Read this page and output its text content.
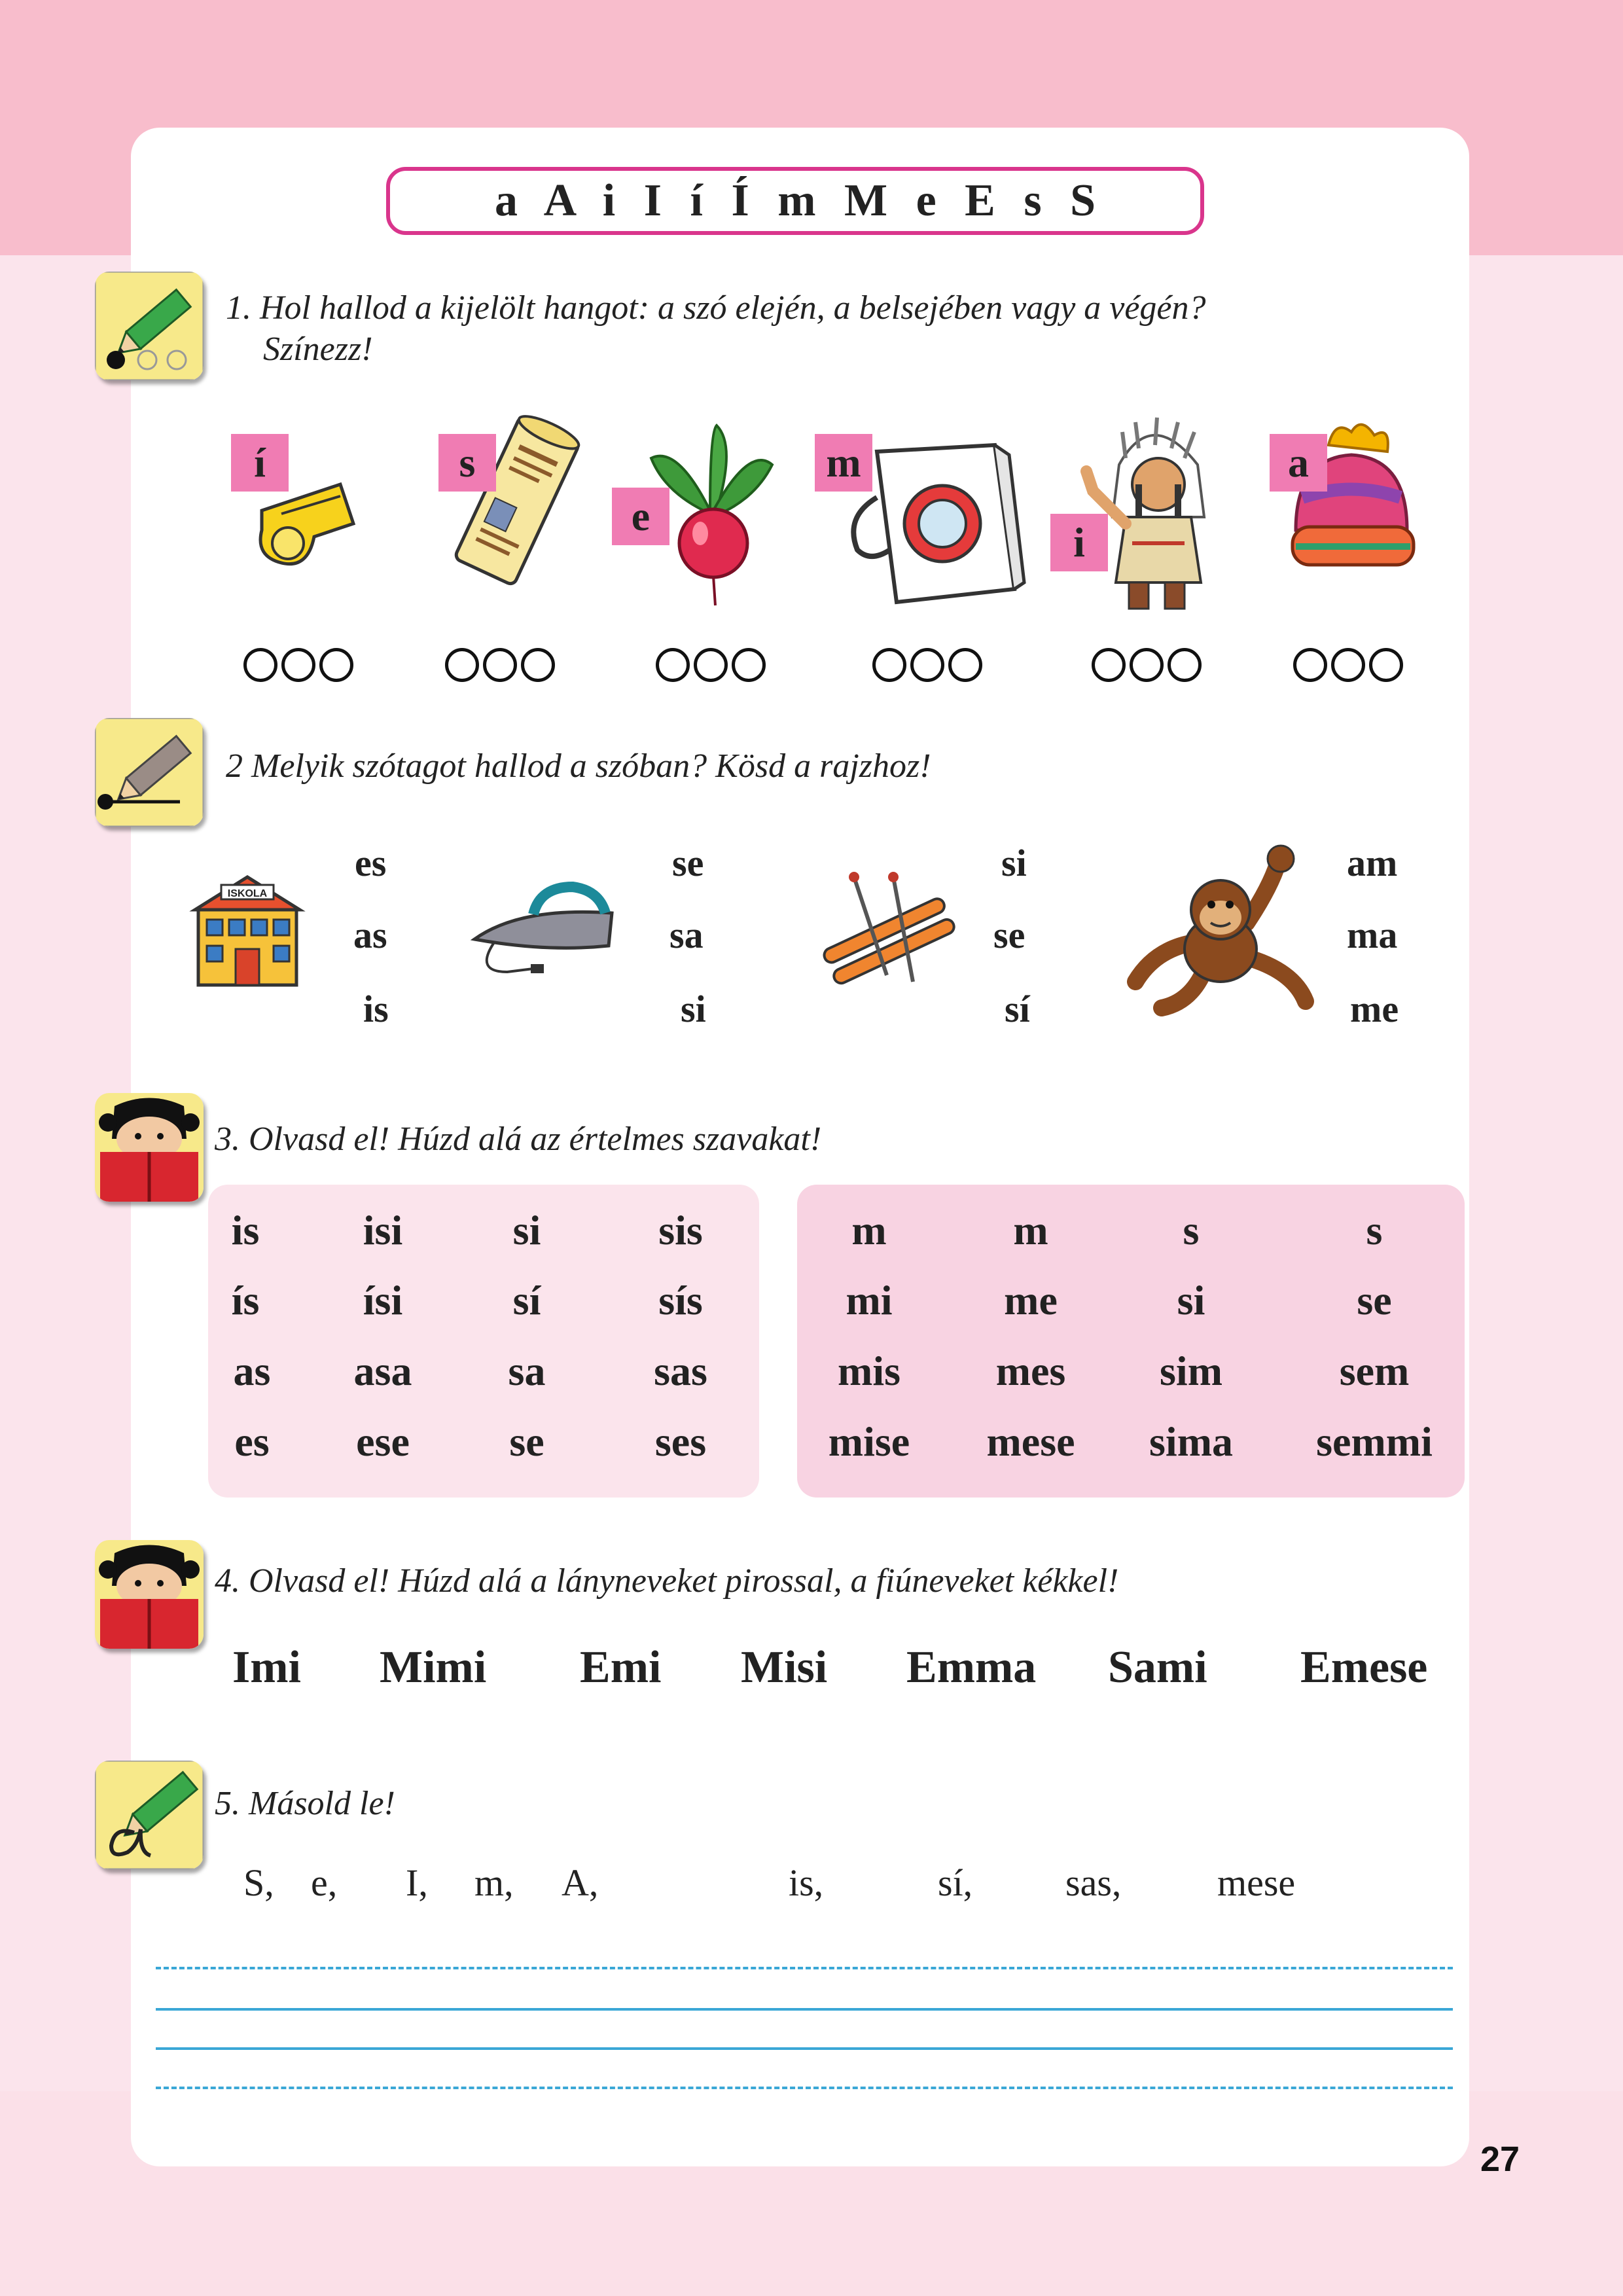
27
a A i I í Í m M e E s S
1. Hol hallod a kijelölt hangot: a szó elején, a belsejében vagy a végén?
Színezz!
í	s
e
m
i
a
2 Melyik szótagot hallod a szóban? Kösd a rajzhoz!
ISKOLA
es
as
is
se
sa
si
si
se
sí
am
ma
me
3. Olvasd el! Húzd alá az értelmes szavakat!
is	isi	si	sis
ís	ísi	sí	sís
as	asa	sa	sas
es	ese	se	ses
m	m	s	s
mi	me	si	se
mis	mes	sim	sem
mise	mese	sima	semmi
4. Olvasd el! Húzd alá a lányneveket pirossal, a fiúneveket kékkel!
Imi Mimi Emi Misi Emma Sami Emese
5. Másold le!
S, e, I, m, A,	is,	sí, sas,	mese
